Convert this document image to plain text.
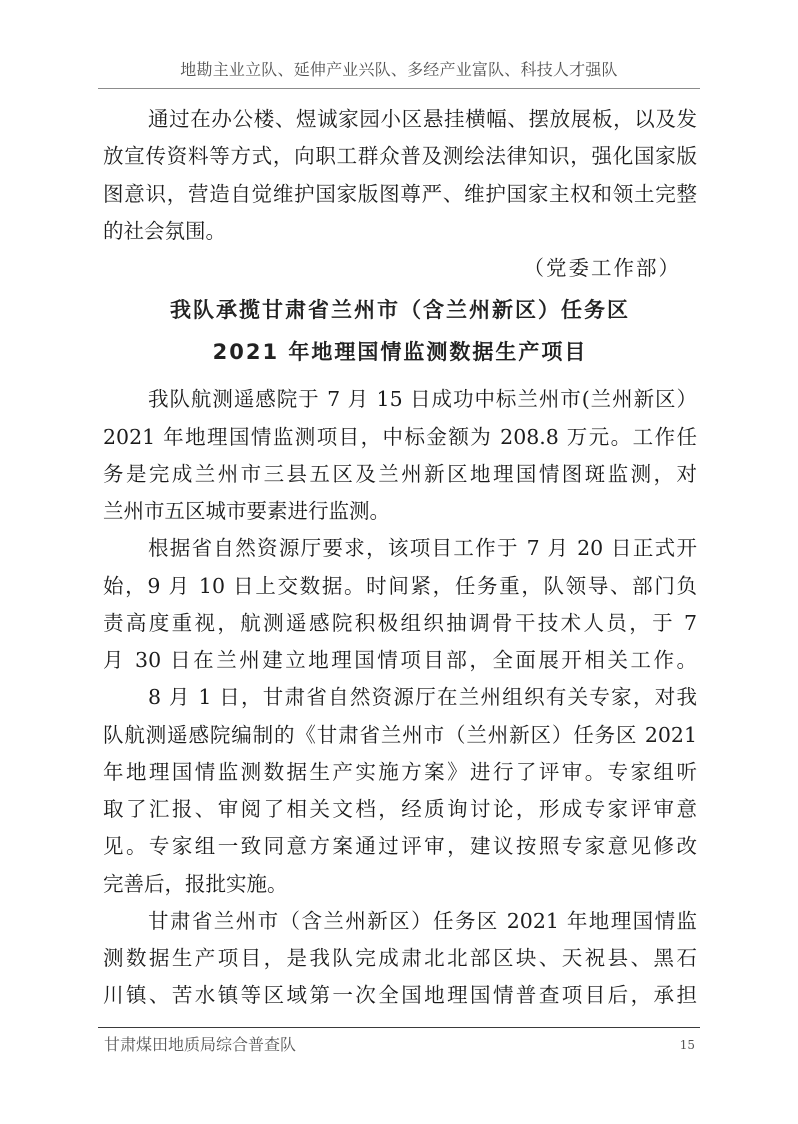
地勘主业立队、延伸产业兴队、多经产业富队、科技人才强队
通过在办公楼、煜诚家园小区悬挂横幅、摆放展板，以及发
放宣传资料等方式，向职工群众普及测绘法律知识，强化国家版
图意识，营造自觉维护国家版图尊严、维护国家主权和领土完整
的社会氛围。
（党委工作部）
我队承揽甘肃省兰州市（含兰州新区）任务区
2021 年地理国情监测数据生产项目
我队航测遥感院于 7 月 15 日成功中标兰州市(兰州新区）
2021 年地理国情监测项目，中标金额为 208.8 万元。工作任
务是完成兰州市三县五区及兰州新区地理国情图斑监测，对
兰州市五区城市要素进行监测。
根据省自然资源厅要求，该项目工作于 7 月 20 日正式开
始，9 月 10 日上交数据。时间紧，任务重，队领导、部门负
责高度重视，航测遥感院积极组织抽调骨干技术人员，于 7
月 30 日在兰州建立地理国情项目部，全面展开相关工作。
8 月 1 日，甘肃省自然资源厅在兰州组织有关专家，对我
队航测遥感院编制的《甘肃省兰州市（兰州新区）任务区 2021
年地理国情监测数据生产实施方案》进行了评审。专家组听
取了汇报、审阅了相关文档，经质询讨论，形成专家评审意
见。专家组一致同意方案通过评审，建议按照专家意见修改
完善后，报批实施。
甘肃省兰州市（含兰州新区）任务区 2021 年地理国情监
测数据生产项目，是我队完成肃北北部区块、天祝县、黑石
川镇、苦水镇等区域第一次全国地理国情普查项目后，承担
甘肃煤田地质局综合普查队	15
